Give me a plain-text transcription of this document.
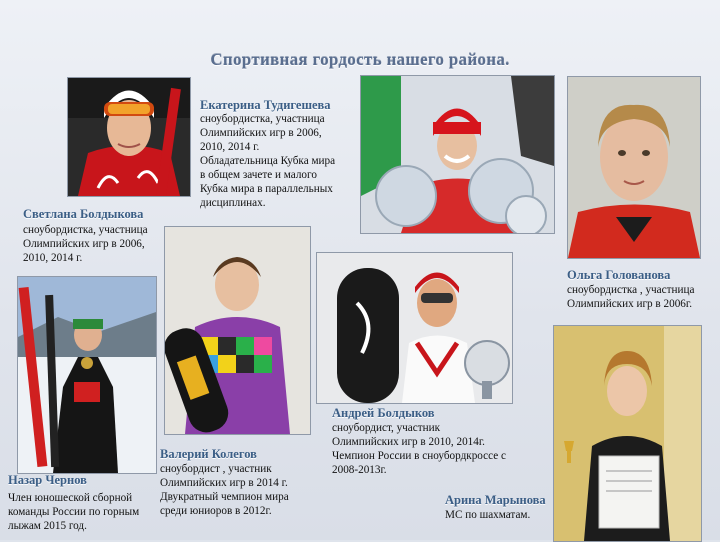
Спортивная гордость нашего района.
Екатерина Тудигешева
Светлана Болдыкова
Ольга Голованова
Андрей Болдыков
Валерий Колегов
Назар Чернов
Арина Марынова
сноубордистка, участница
Олимпийских игр в 2006,
2010, 2014 г.
Обладательница Кубка мира
в общем зачете и малого
Кубка мира в параллельных
дисциплинах.
сноубордистка, участница
Олимпийских игр в 2006,
2010, 2014 г.
сноубордистка , участница
Олимпийских игр в 2006г.
сноубордист, участник
Олимпийских игр в 2010, 2014г.
Чемпион России в сноубордкроссе с
2008-2013г.
сноубордист , участник
Олимпийских игр в 2014 г.
Двукратный чемпион мира
среди юниоров в 2012г.
Член юношеской сборной
команды России по горным
лыжам 2015 год.
МС по шахматам.
